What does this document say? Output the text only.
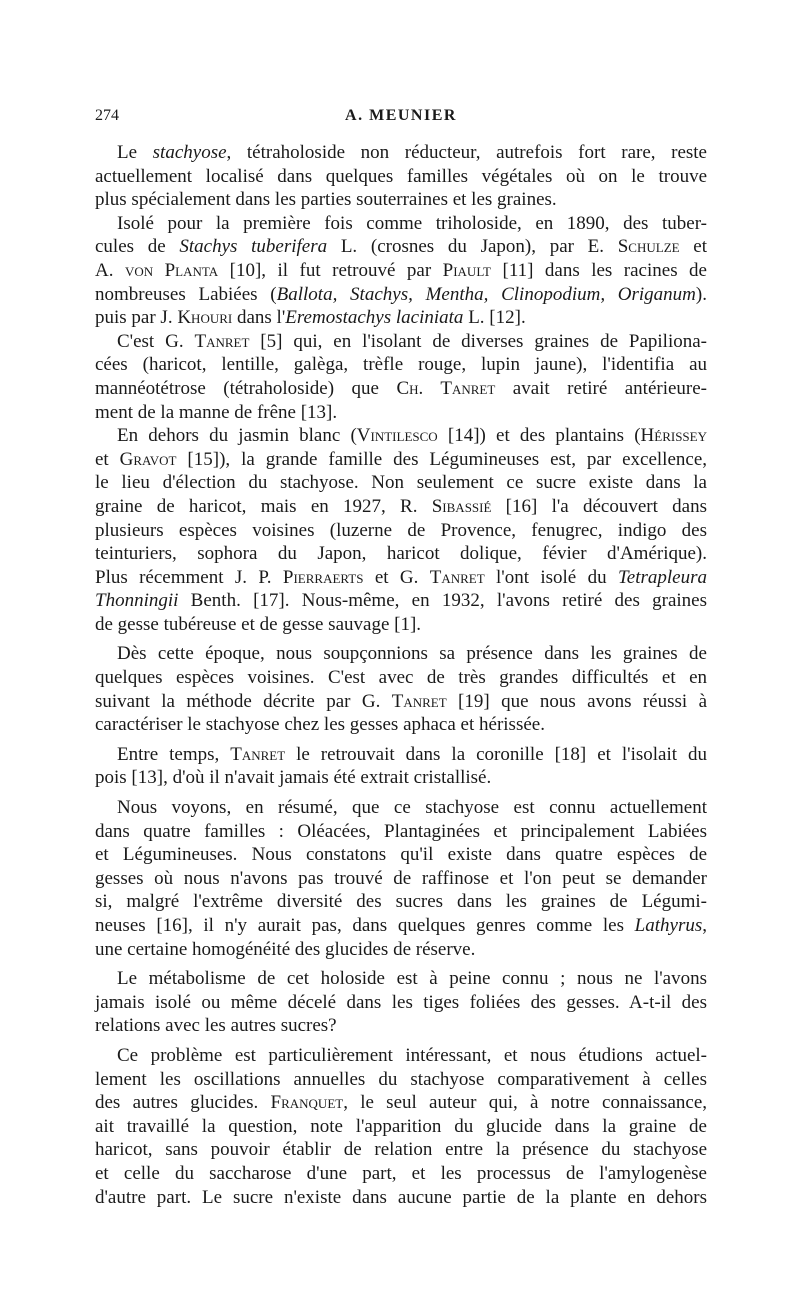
274	A. MEUNIER
Le stachyose, tétraholoside non réducteur, autrefois fort rare, reste
actuellement localisé dans quelques familles végétales où on le trouve
plus spécialement dans les parties souterraines et les graines.
Isolé pour la première fois comme triholoside, en 1890, des tuber-
cules de Stachys tuberifera L. (crosnes du Japon), par E. Schulze et
A. von Planta [10], il fut retrouvé par Piault [11] dans les racines de
nombreuses Labiées (Ballota, Stachys, Mentha, Clinopodium, Origanum).
puis par J. Khouri dans l'Eremostachys laciniata L. [12].
C'est G. Tanret [5] qui, en l'isolant de diverses graines de Papiliona-
cées (haricot, lentille, galèga, trèfle rouge, lupin jaune), l'identifia au
mannéotétrose (tétraholoside) que Ch. Tanret avait retiré antérieure-
ment de la manne de frêne [13].
En dehors du jasmin blanc (Vintilesco [14]) et des plantains (Hérissey
et Gravot [15]), la grande famille des Légumineuses est, par excellence,
le lieu d'élection du stachyose. Non seulement ce sucre existe dans la
graine de haricot, mais en 1927, R. Sibassié [16] l'a découvert dans
plusieurs espèces voisines (luzerne de Provence, fenugrec, indigo des
teinturiers, sophora du Japon, haricot dolique, févier d'Amérique).
Plus récemment J. P. Pierraerts et G. Tanret l'ont isolé du Tetrapleura
Thonningii Benth. [17]. Nous-même, en 1932, l'avons retiré des graines
de gesse tubéreuse et de gesse sauvage [1].
Dès cette époque, nous soupçonnions sa présence dans les graines de
quelques espèces voisines. C'est avec de très grandes difficultés et en
suivant la méthode décrite par G. Tanret [19] que nous avons réussi à
caractériser le stachyose chez les gesses aphaca et hérissée.
Entre temps, Tanret le retrouvait dans la coronille [18] et l'isolait du
pois [13], d'où il n'avait jamais été extrait cristallisé.
Nous voyons, en résumé, que ce stachyose est connu actuellement
dans quatre familles : Oléacées, Plantaginées et principalement Labiées
et Légumineuses. Nous constatons qu'il existe dans quatre espèces de
gesses où nous n'avons pas trouvé de raffinose et l'on peut se demander
si, malgré l'extrême diversité des sucres dans les graines de Légumi-
neuses [16], il n'y aurait pas, dans quelques genres comme les Lathyrus,
une certaine homogénéité des glucides de réserve.
Le métabolisme de cet holoside est à peine connu ; nous ne l'avons
jamais isolé ou même décelé dans les tiges foliées des gesses. A-t-il des
relations avec les autres sucres?
Ce problème est particulièrement intéressant, et nous étudions actuel-
lement les oscillations annuelles du stachyose comparativement à celles
des autres glucides. Franquet, le seul auteur qui, à notre connaissance,
ait travaillé la question, note l'apparition du glucide dans la graine de
haricot, sans pouvoir établir de relation entre la présence du stachyose
et celle du saccharose d'une part, et les processus de l'amylogenèse
d'autre part. Le sucre n'existe dans aucune partie de la plante en dehors
